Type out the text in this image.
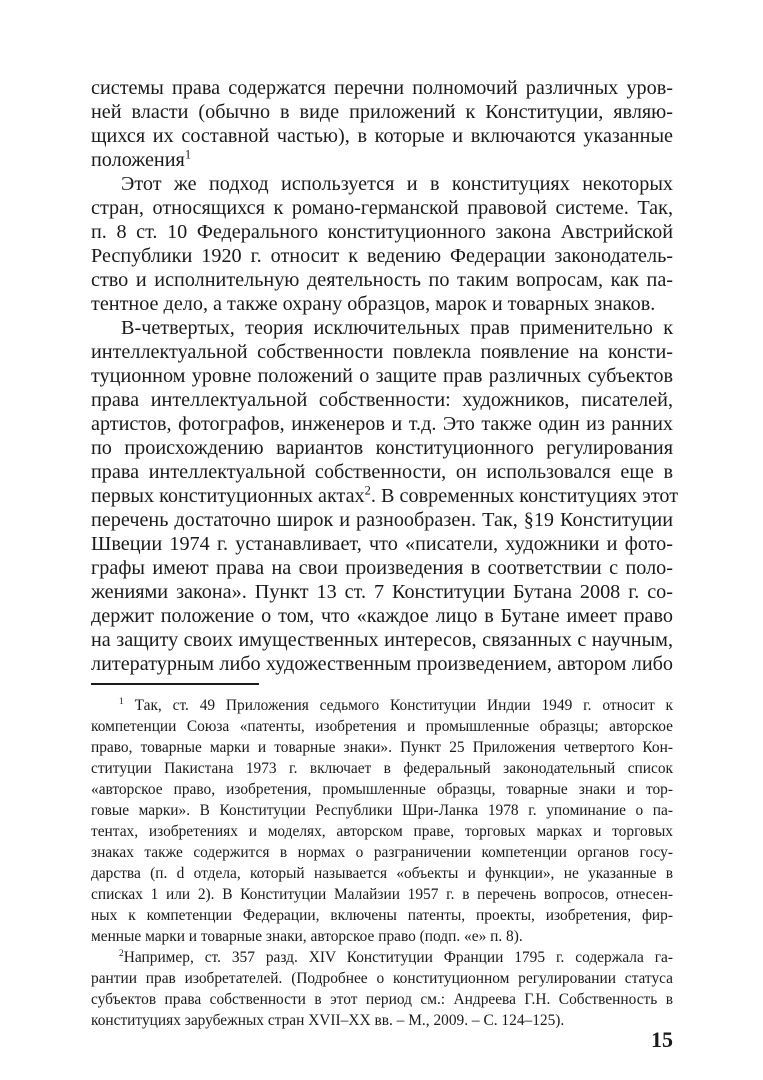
системы права содержатся перечни полномочий различных уров-
ней власти (обычно в виде приложений к Конституции, являю-
щихся их составной частью), в которые и включаются указанные
положения$^1$
Этот же подход используется и в конституциях некоторых
стран, относящихся к романо-германской правовой системе. Так,
п. 8 ст. 10 Федерального конституционного закона Австрийской
Республики 1920 г. относит к ведению Федерации законодатель-
ство и исполнительную деятельность по таким вопросам, как па-
тентное дело, а также охрану образцов, марок и товарных знаков.
В-четвертых, теория исключительных прав применительно к
интеллектуальной собственности повлекла появление на консти-
туционном уровне положений о защите прав различных субъектов
права интеллектуальной собственности: художников, писателей,
артистов, фотографов, инженеров и т.д. Это также один из ранних
по происхождению вариантов конституционного регулирования
права интеллектуальной собственности, он использовался еще в
первых конституционных актах$^2$. В современных конституциях этот
перечень достаточно широк и разнообразен. Так, §19 Конституции
Швеции 1974 г. устанавливает, что «писатели, художники и фото-
графы имеют права на свои произведения в соответствии с поло-
жениями закона». Пункт 13 ст. 7 Конституции Бутана 2008 г. со-
держит положение о том, что «каждое лицо в Бутане имеет право
на защиту своих имущественных интересов, связанных с научным,
литературным либо художественным произведением, автором либо
$^1$ Так, ст. 49 Приложения седьмого Конституции Индии 1949 г. относит к
компетенции Союза «патенты, изобретения и промышленные образцы; авторское
право, товарные марки и товарные знаки». Пункт 25 Приложения четвертого Кон-
ституции Пакистана 1973 г. включает в федеральный законодательный список
«авторское право, изобретения, промышленные образцы, товарные знаки и тор-
говые марки». В Конституции Республики Шри-Ланка 1978 г. упоминание о па-
тентах, изобретениях и моделях, авторском праве, торговых марках и торговых
знаках также содержится в нормах о разграничении компетенции органов госу-
дарства (п. d отдела, который называется «объекты и функции», не указанные в
списках 1 или 2). В Конституции Малайзии 1957 г. в перечень вопросов, отнесен-
ных к компетенции Федерации, включены патенты, проекты, изобретения, фир-
менные марки и товарные знаки, авторское право (подп. «е» п. 8).
$^2$Например, ст. 357 разд. XIV Конституции Франции 1795 г. содержала га-
рантии прав изобретателей. (Подробнее о конституционном регулировании статуса
субъектов права собственности в этот период см.: Андреева Г.Н. Собственность в
конституциях зарубежных стран XVII–XX вв. – М., 2009. – С. 124–125).
15
